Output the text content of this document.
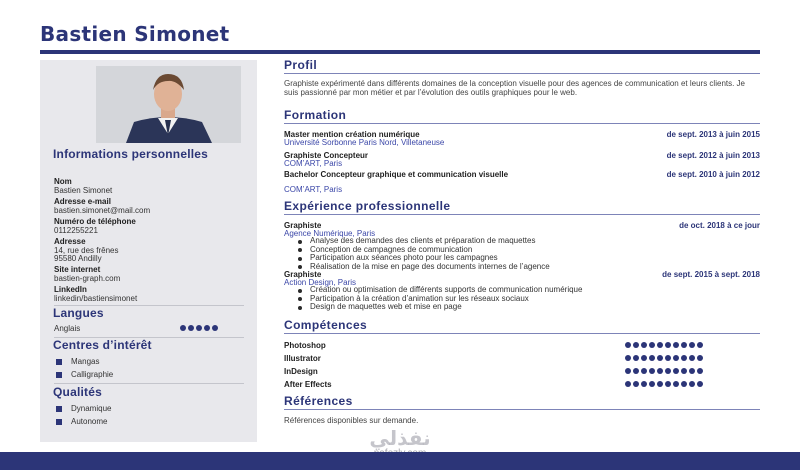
Bastien Simonet
Informations personnelles
Nom
Bastien Simonet
Adresse e-mail
bastien.simonet@mail.com
Numéro de téléphone
0112255221
Adresse
14, rue des frênes
95580 Andilly
Site internet
bastien-graph.com
LinkedIn
linkedin/bastiensimonet
Langues
Anglais
Centres d’intérêt
Mangas
Calligraphie
Qualités
Dynamique
Autonome
Profil
Graphiste expérimenté dans différents domaines de la conception visuelle pour des agences de communication et leurs clients. Je suis passionné par mon métier et par l’évolution des outils graphiques pour le web.
Formation
Master mention création numérique	de sept. 2013 à juin 2015
Université Sorbonne Paris Nord, Villetaneuse
Graphiste Concepteur	de sept. 2012 à juin 2013
COM’ART, Paris
Bachelor Concepteur graphique et communication visuelle	de sept. 2010 à juin 2012
COM’ART, Paris
Expérience professionnelle
Graphiste	de oct. 2018 à ce jour
Agence Numérique, Paris
Analyse des demandes des clients et préparation de maquettes
Conception de campagnes de communication
Participation aux séances photo pour les campagnes
Réalisation de la mise en page des documents internes de l’agence
Graphiste	de sept. 2015 à sept. 2018
Action Design, Paris
Création ou optimisation de différents supports de communication numérique
Participation à la création d’animation sur les réseaux sociaux
Design de maquettes web et mise en page
Compétences
Photoshop
Illustrator
InDesign
After Effects
Références
Références disponibles sur demande.
نفذلي
